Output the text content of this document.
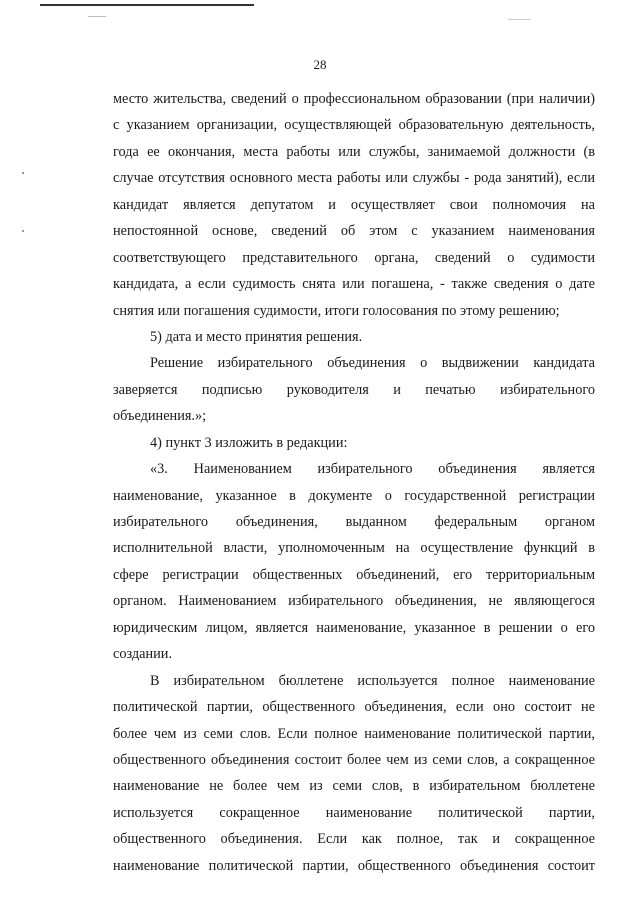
28
место жительства, сведений о профессиональном образовании (при наличии)
с указанием организации, осуществляющей образовательную деятельность,
года ее окончания, места работы или службы, занимаемой должности (в
случае отсутствия основного места работы или службы - рода занятий), если
кандидат является депутатом и осуществляет свои полномочия на
непостоянной основе, сведений об этом с указанием наименования
соответствующего представительного органа, сведений о судимости
кандидата, а если судимость снята или погашена, - также сведения о дате
снятия или погашения судимости, итоги голосования по этому решению;
5) дата и место принятия решения.
Решение избирательного объединения о выдвижении кандидата
заверяется подписью руководителя и печатью избирательного
объединения.»;
4) пункт 3 изложить в редакции:
«3. Наименованием избирательного объединения является
наименование, указанное в документе о государственной регистрации
избирательного объединения, выданном федеральным органом
исполнительной власти, уполномоченным на осуществление функций в
сфере регистрации общественных объединений, его территориальным
органом. Наименованием избирательного объединения, не являющегося
юридическим лицом, является наименование, указанное в решении о его
создании.
В избирательном бюллетене используется полное наименование
политической партии, общественного объединения, если оно состоит не
более чем из семи слов. Если полное наименование политической партии,
общественного объединения состоит более чем из семи слов, а сокращенное
наименование не более чем из семи слов, в избирательном бюллетене
используется сокращенное наименование политической партии,
общественного объединения. Если как полное, так и сокращенное
наименование политической партии, общественного объединения состоит
